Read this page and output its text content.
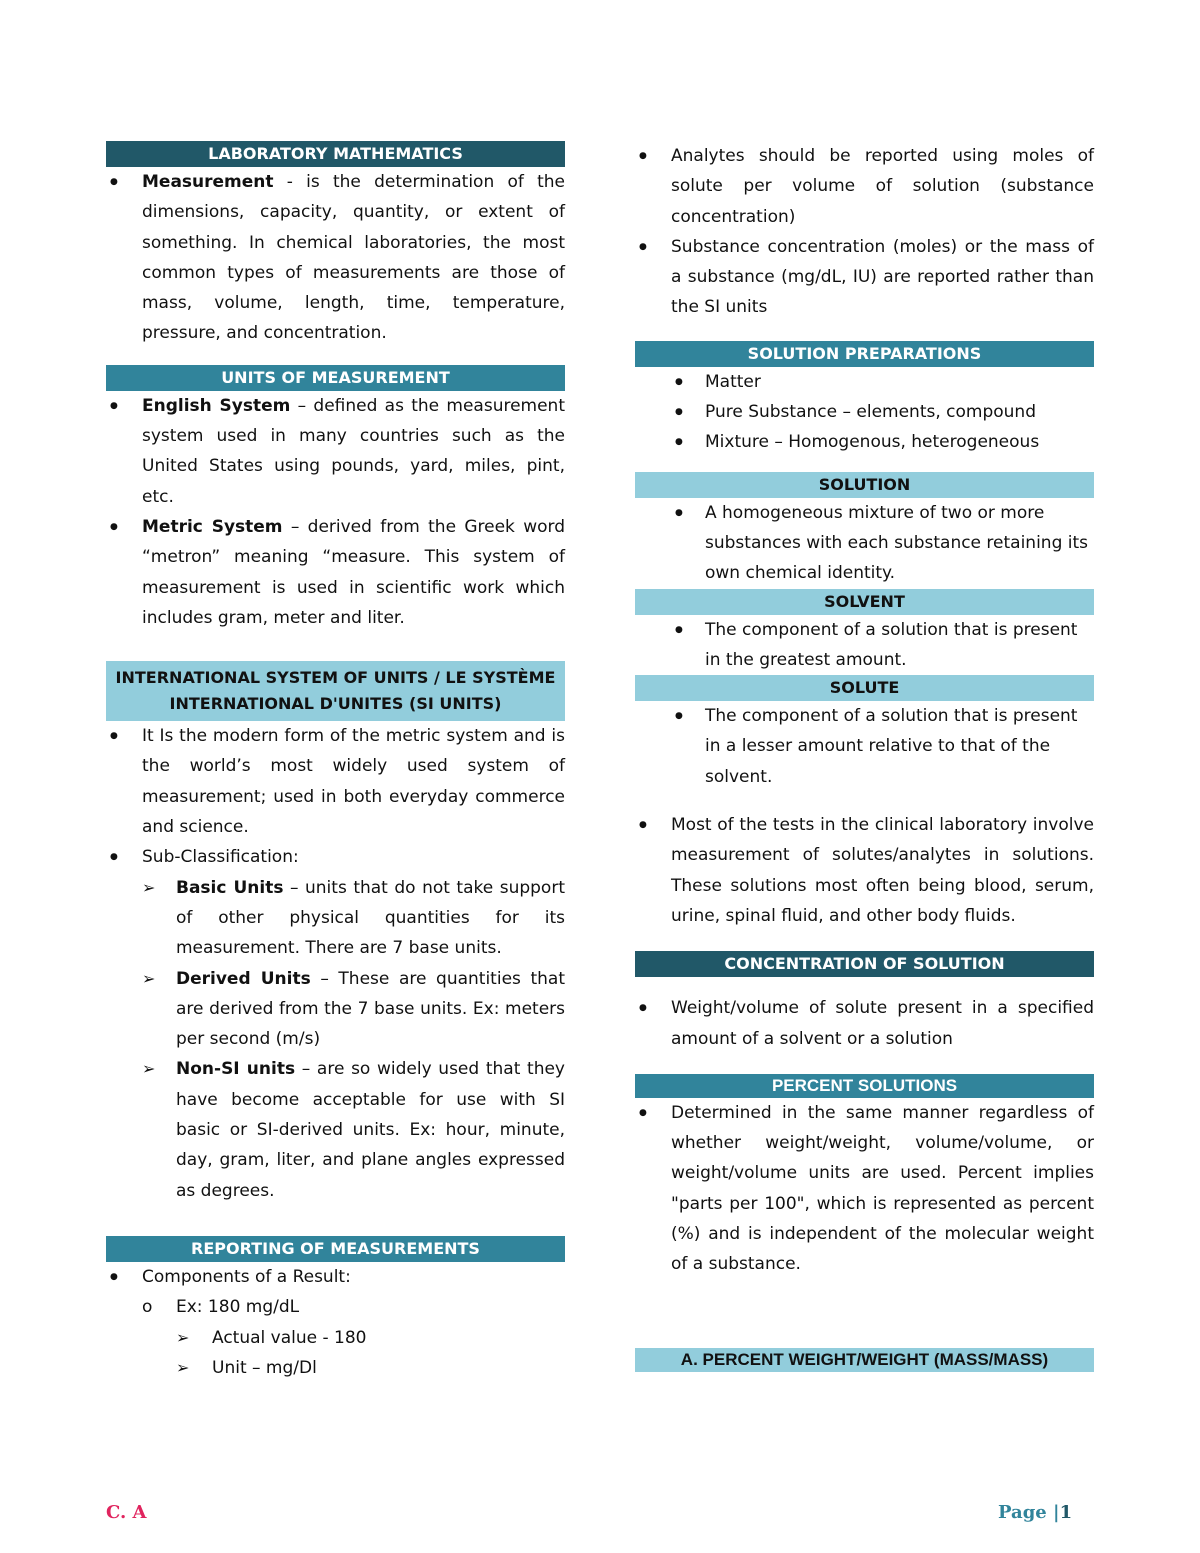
LABORATORY MATHEMATICS
● Measurement - is the determination of the dimensions, capacity, quantity, or extent of something. In chemical laboratories, the most common types of measurements are those of mass, volume, length, time, temperature, pressure, and concentration.
UNITS OF MEASUREMENT
● English System – defined as the measurement system used in many countries such as the United States using pounds, yard, miles, pint, etc.
● Metric System – derived from the Greek word “metron” meaning “measure. This system of measurement is used in scientific work which includes gram, meter and liter.
INTERNATIONAL SYSTEM OF UNITS / LE SYSTÈME INTERNATIONAL D'UNITES (SI UNITS)
● It Is the modern form of the metric system and is the world’s most widely used system of measurement; used in both everyday commerce and science.
● Sub-Classification:
➢ Basic Units – units that do not take support of other physical quantities for its measurement. There are 7 base units.
➢ Derived Units – These are quantities that are derived from the 7 base units. Ex: meters per second (m/s)
➢ Non-SI units – are so widely used that they have become acceptable for use with SI basic or SI-derived units. Ex: hour, minute, day, gram, liter, and plane angles expressed as degrees.
REPORTING OF MEASUREMENTS
● Components of a Result:
o Ex: 180 mg/dL
➢ Actual value - 180
➢ Unit – mg/Dl
● Analytes should be reported using moles of solute per volume of solution (substance concentration)
● Substance concentration (moles) or the mass of a substance (mg/dL, IU) are reported rather than the SI units
SOLUTION PREPARATIONS
● Matter
● Pure Substance – elements, compound
● Mixture – Homogenous, heterogeneous
SOLUTION
● A homogeneous mixture of two or more substances with each substance retaining its own chemical identity.
SOLVENT
● The component of a solution that is present in the greatest amount.
SOLUTE
● The component of a solution that is present in a lesser amount relative to that of the solvent.
● Most of the tests in the clinical laboratory involve measurement of solutes/analytes in solutions. These solutions most often being blood, serum, urine, spinal fluid, and other body fluids.
CONCENTRATION OF SOLUTION
● Weight/volume of solute present in a specified amount of a solvent or a solution
PERCENT SOLUTIONS
● Determined in the same manner regardless of whether weight/weight, volume/volume, or weight/volume units are used. Percent implies "parts per 100", which is represented as percent (%) and is independent of the molecular weight of a substance.
A. PERCENT WEIGHT/WEIGHT (MASS/MASS)
C. A	Page |1
